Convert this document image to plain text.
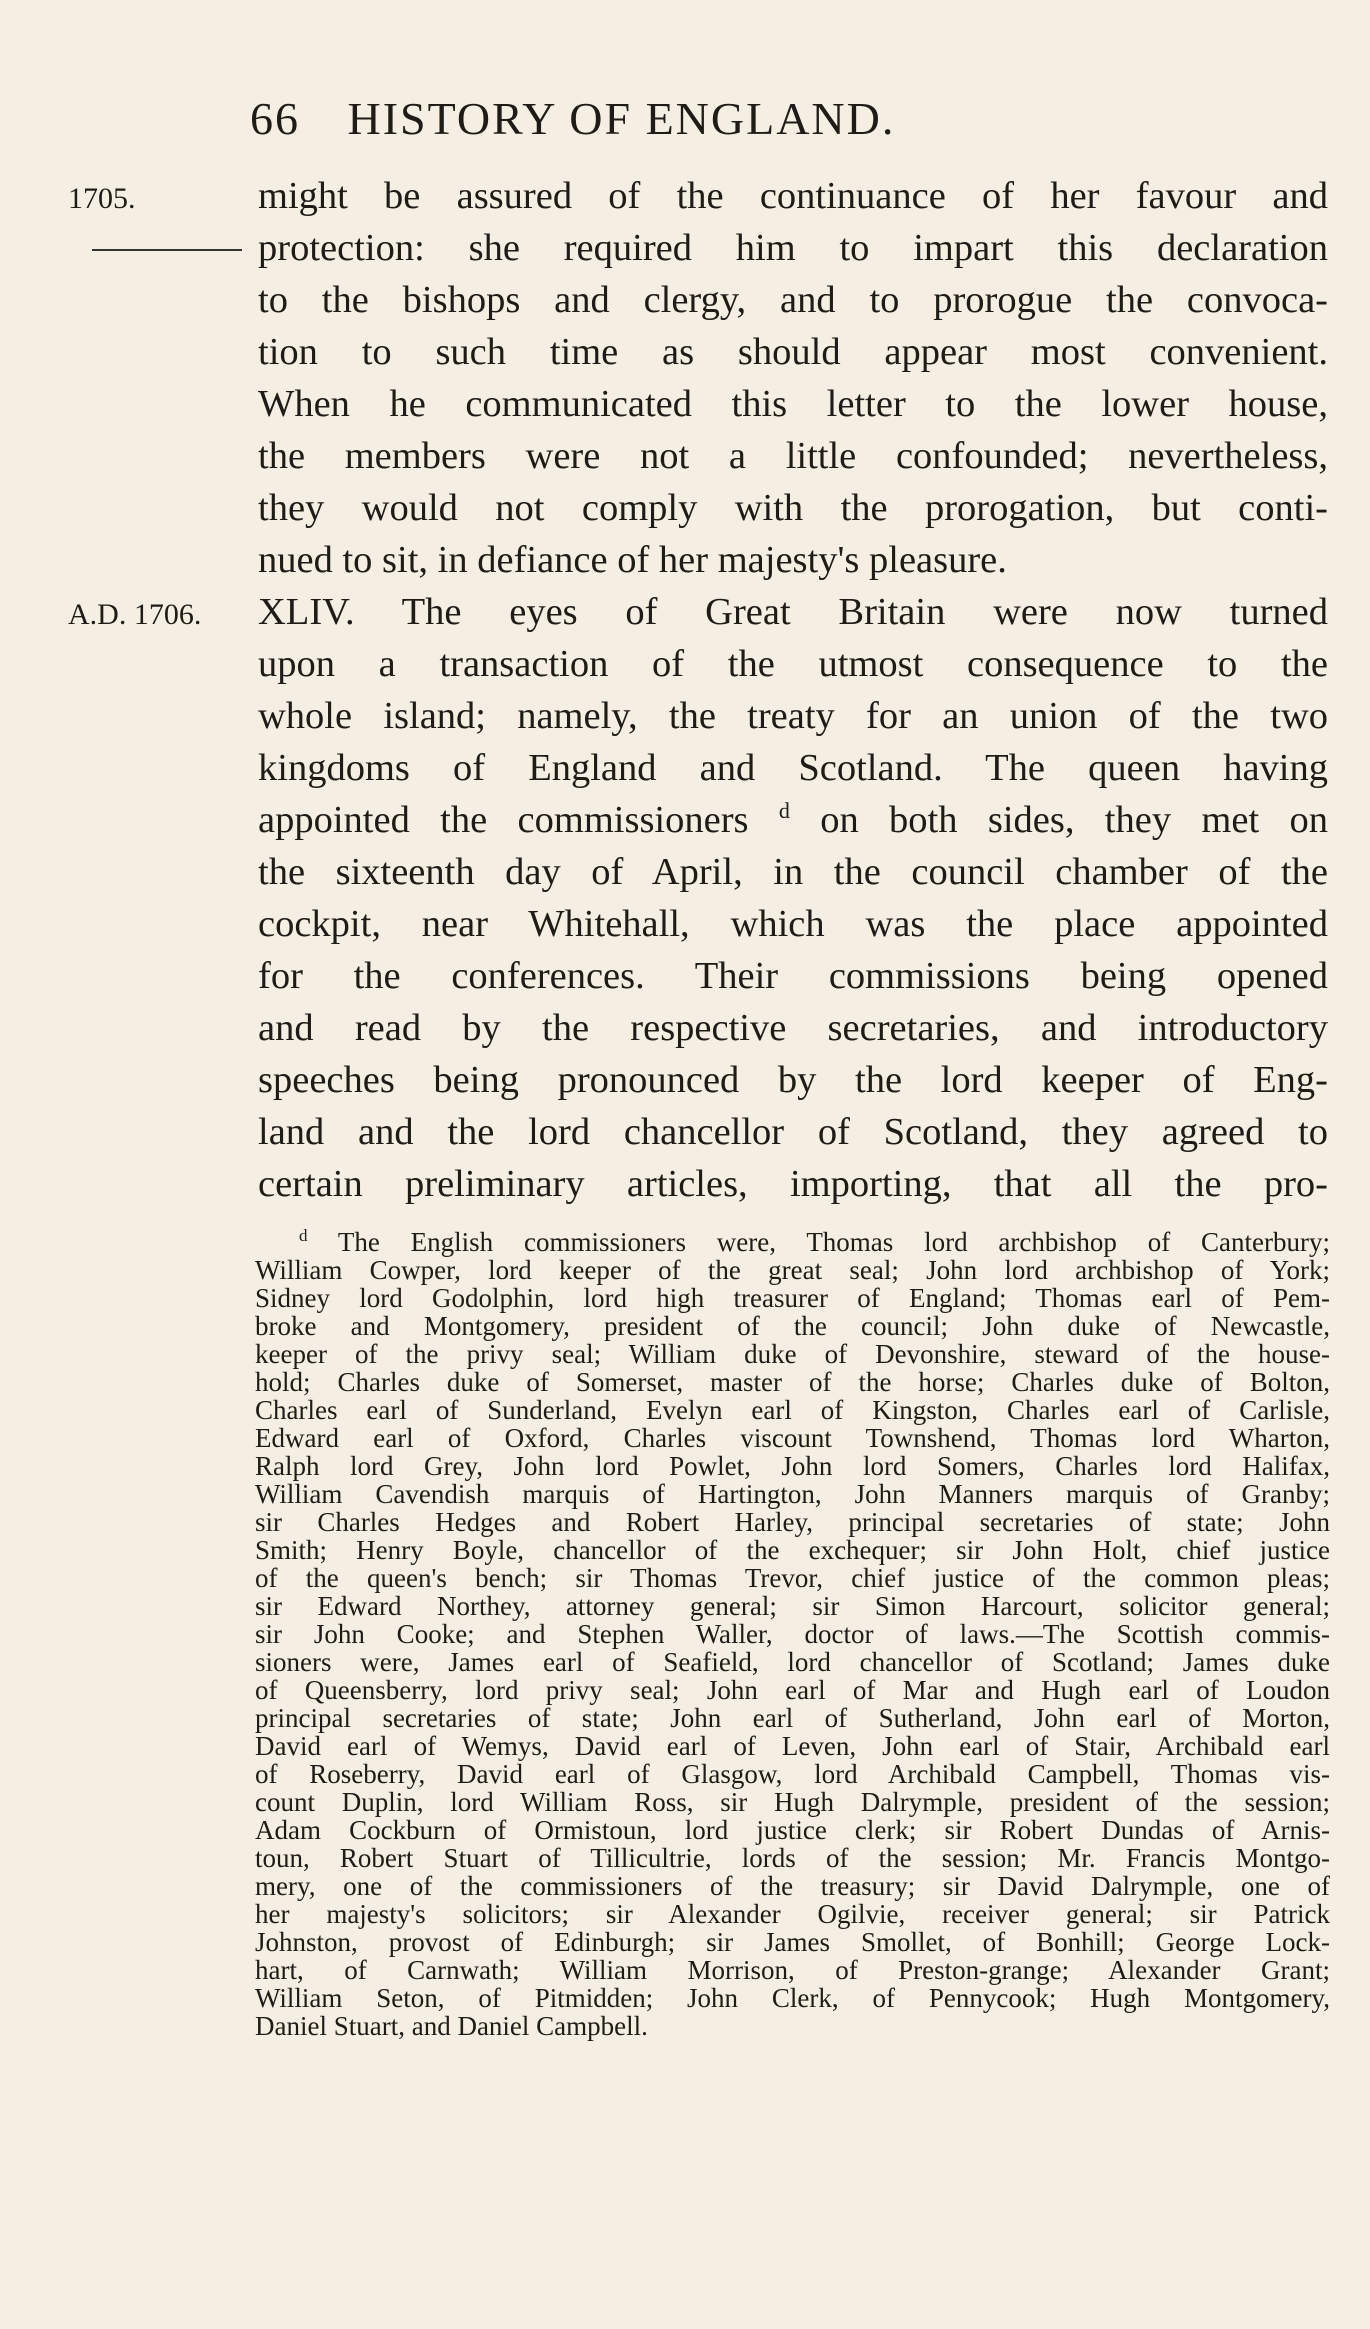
66 HISTORY OF ENGLAND.
1705.
A.D. 1706.
might be assured of the continuance of her favour and
protection: she required him to impart this declaration
to the bishops and clergy, and to prorogue the convoca-
tion to such time as should appear most convenient.
When he communicated this letter to the lower house,
the members were not a little confounded; nevertheless,
they would not comply with the prorogation, but conti-
nued to sit, in defiance of her majesty's pleasure.
XLIV. The eyes of Great Britain were now turned
upon a transaction of the utmost consequence to the
whole island; namely, the treaty for an union of the two
kingdoms of England and Scotland. The queen having
appointed the commissioners $^d$ on both sides, they met on
the sixteenth day of April, in the council chamber of the
cockpit, near Whitehall, which was the place appointed
for the conferences. Their commissions being opened
and read by the respective secretaries, and introductory
speeches being pronounced by the lord keeper of Eng-
land and the lord chancellor of Scotland, they agreed to
certain preliminary articles, importing, that all the pro-
$^d$ The English commissioners were, Thomas lord archbishop of Canterbury;
William Cowper, lord keeper of the great seal; John lord archbishop of York;
Sidney lord Godolphin, lord high treasurer of England; Thomas earl of Pem-
broke and Montgomery, president of the council; John duke of Newcastle,
keeper of the privy seal; William duke of Devonshire, steward of the house-
hold; Charles duke of Somerset, master of the horse; Charles duke of Bolton,
Charles earl of Sunderland, Evelyn earl of Kingston, Charles earl of Carlisle,
Edward earl of Oxford, Charles viscount Townshend, Thomas lord Wharton,
Ralph lord Grey, John lord Powlet, John lord Somers, Charles lord Halifax,
William Cavendish marquis of Hartington, John Manners marquis of Granby;
sir Charles Hedges and Robert Harley, principal secretaries of state; John
Smith; Henry Boyle, chancellor of the exchequer; sir John Holt, chief justice
of the queen's bench; sir Thomas Trevor, chief justice of the common pleas;
sir Edward Northey, attorney general; sir Simon Harcourt, solicitor general;
sir John Cooke; and Stephen Waller, doctor of laws.—The Scottish commis-
sioners were, James earl of Seafield, lord chancellor of Scotland; James duke
of Queensberry, lord privy seal; John earl of Mar and Hugh earl of Loudon
principal secretaries of state; John earl of Sutherland, John earl of Morton,
David earl of Wemys, David earl of Leven, John earl of Stair, Archibald earl
of Roseberry, David earl of Glasgow, lord Archibald Campbell, Thomas vis-
count Duplin, lord William Ross, sir Hugh Dalrymple, president of the session;
Adam Cockburn of Ormistoun, lord justice clerk; sir Robert Dundas of Arnis-
toun, Robert Stuart of Tillicultrie, lords of the session; Mr. Francis Montgo-
mery, one of the commissioners of the treasury; sir David Dalrymple, one of
her majesty's solicitors; sir Alexander Ogilvie, receiver general; sir Patrick
Johnston, provost of Edinburgh; sir James Smollet, of Bonhill; George Lock-
hart, of Carnwath; William Morrison, of Preston-grange; Alexander Grant;
William Seton, of Pitmidden; John Clerk, of Pennycook; Hugh Montgomery,
Daniel Stuart, and Daniel Campbell.
